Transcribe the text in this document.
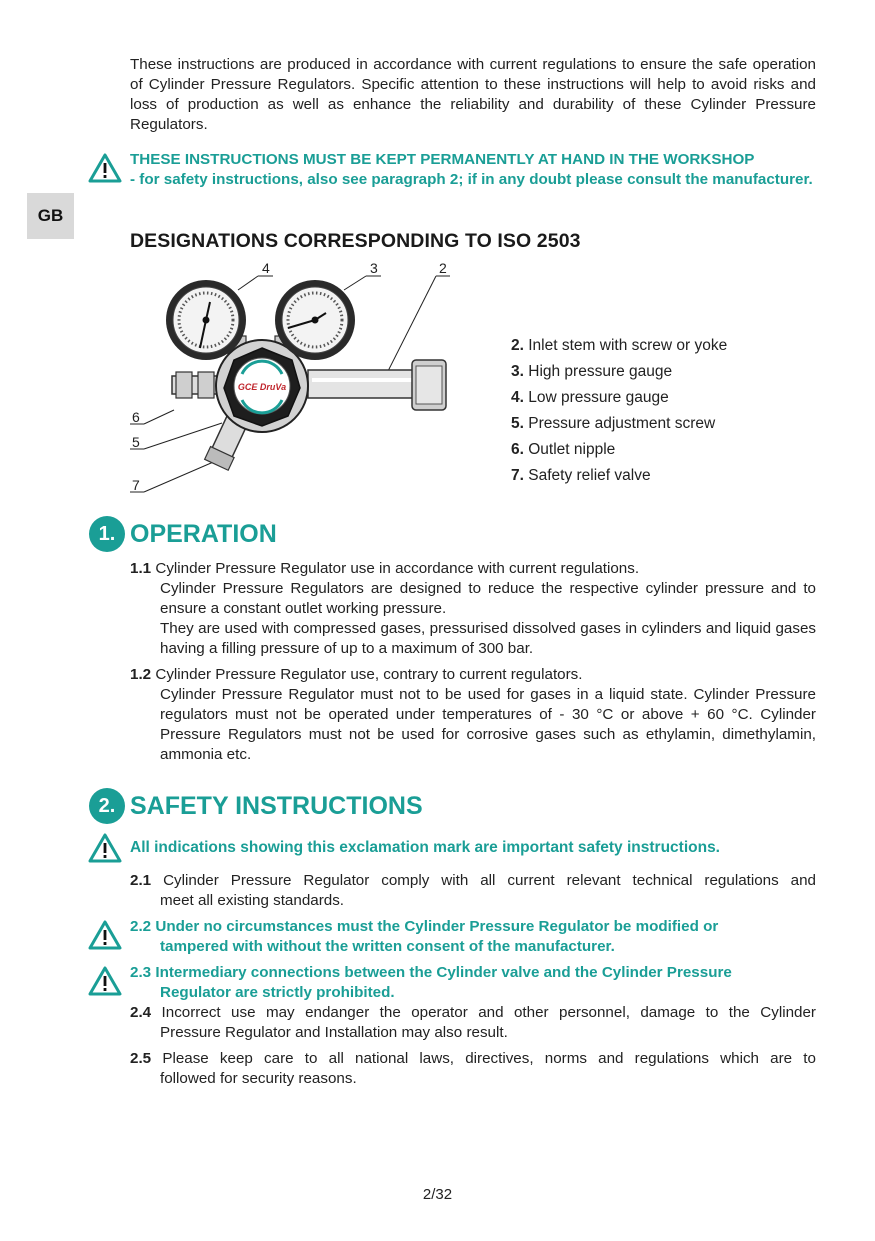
These instructions are produced in accordance with current regulations to ensure the safe operation of Cylinder Pressure Regulators. Specific attention to these instructions will help to avoid risks and loss of production as well as enhance the reliability and durability of these Cylinder Pressure Regulators.
THESE INSTRUCTIONS MUST BE KEPT PERMANENTLY AT HAND IN THE WORKSHOP
- for safety instructions, also see paragraph 2; if in any doubt please consult the manufacturer.
GB
DESIGNATIONS CORRESPONDING TO ISO 2503
4	3	2
6
5
7
GCE DruVa
2. Inlet stem with screw or yoke
3. High pressure gauge
4. Low pressure gauge
5. Pressure adjustment screw
6. Outlet nipple
7. Safety relief valve
1. OPERATION
1.1 Cylinder Pressure Regulator use in accordance with current regulations.
Cylinder Pressure Regulators are designed to reduce the respective cylinder pressure and to ensure a constant outlet working pressure.
They are used with compressed gases, pressurised dissolved gases in cylinders and liquid gases having a filling pressure of up to a maximum of 300 bar.
1.2 Cylinder Pressure Regulator use, contrary to current regulators.
Cylinder Pressure Regulator must not to be used for gases in a liquid state. Cylinder Pressure regulators must not be operated under temperatures of - 30 °C or above + 60 °C. Cylinder Pressure Regulators must not be used for corrosive gases such as ethylamin, dimethylamin, ammonia etc.
2. SAFETY INSTRUCTIONS
All indications showing this exclamation mark are important safety instructions.
2.1 Cylinder Pressure Regulator comply with all current relevant technical regulations and
meet all existing standards.
2.2 Under no circumstances must the Cylinder Pressure Regulator be modified or
tampered with without the written consent of the manufacturer.
2.3 Intermediary connections between the Cylinder valve and the Cylinder Pressure
Regulator are strictly prohibited.
2.4 Incorrect use may endanger the operator and other personnel, damage to the Cylinder
Pressure Regulator and Installation may also result.
2.5 Please keep care to all national laws, directives, norms and regulations which are to
followed for security reasons.
2/32
